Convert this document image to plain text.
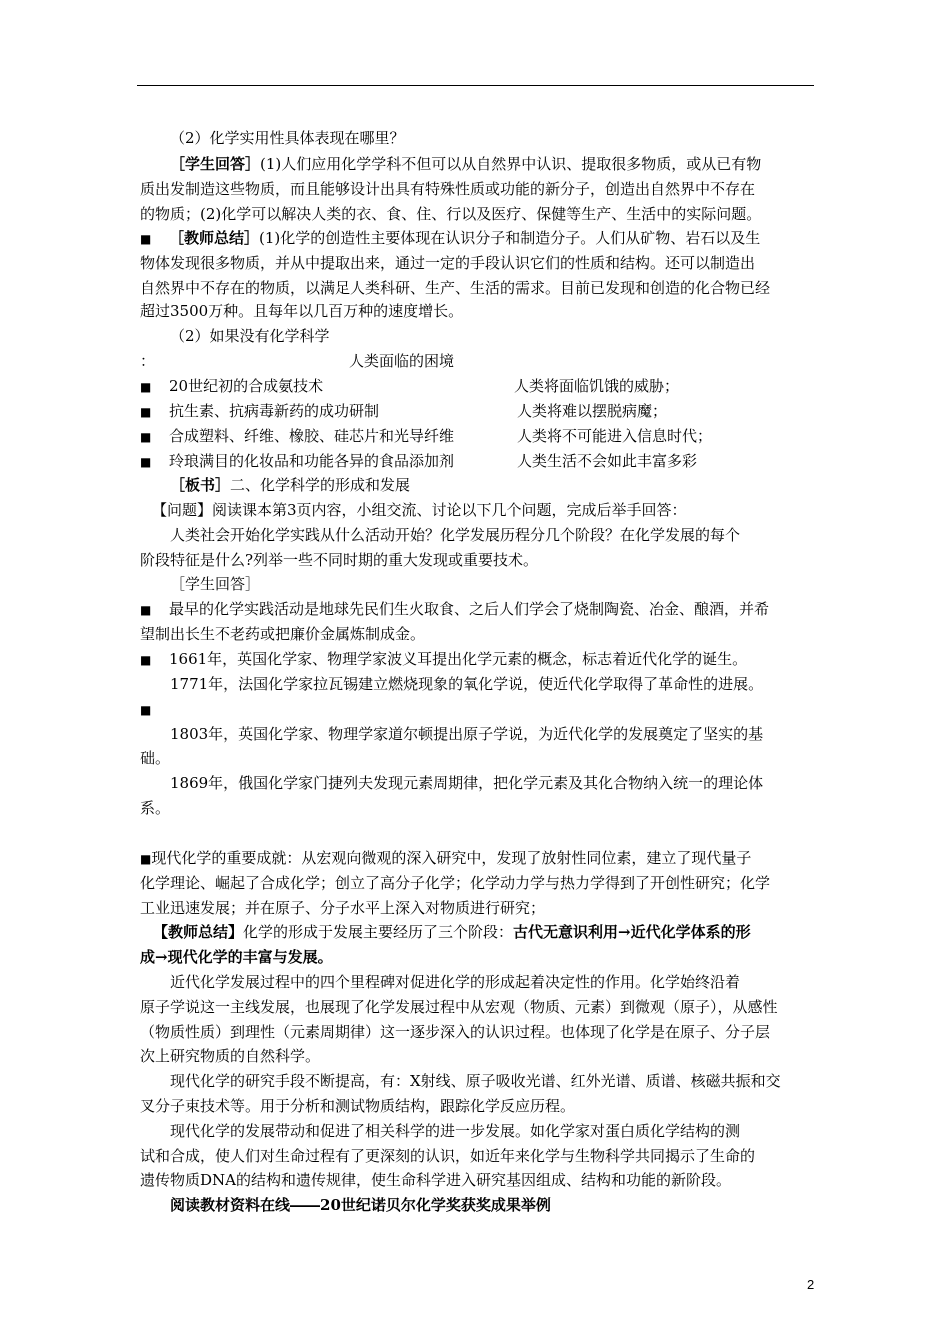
（2）化学实用性具体表现在哪里？
［学生回答］(1)人们应用化学学科不但可以从自然界中认识、提取很多物质，或从已有物
质出发制造这些物质，而且能够设计出具有特殊性质或功能的新分子，创造出自然界中不存在
的物质；(2)化学可以解决人类的衣、食、住、行以及医疗、保健等生产、生活中的实际问题。
■ ［教师总结］(1)化学的创造性主要体现在认识分子和制造分子。人们从矿物、岩石以及生
物体发现很多物质，并从中提取出来，通过一定的手段认识它们的性质和结构。还可以制造出
自然界中不存在的物质，以满足人类科研、生产、生活的需求。目前已发现和创造的化合物已经
超过3500万种。且每年以几百万种的速度增长。
（2）如果没有化学科学
：	人类面临的困境
■ 20世纪初的合成氨技术	人类将面临饥饿的威胁；
■ 抗生素、抗病毒新药的成功研制	人类将难以摆脱病魔；
■ 合成塑料、纤维、橡胶、硅芯片和光导纤维	人类将不可能进入信息时代；
■ 玲琅满目的化妆品和功能各异的食品添加剂	人类生活不会如此丰富多彩
［板书］二、化学科学的形成和发展
【问题】阅读课本第3页内容，小组交流、讨论以下几个问题，完成后举手回答：
人类社会开始化学实践从什么活动开始？化学发展历程分几个阶段？在化学发展的每个
阶段特征是什么?列举一些不同时期的重大发现或重要技术。
［学生回答］
■ 最早的化学实践活动是地球先民们生火取食、之后人们学会了烧制陶瓷、冶金、酿酒，并希
望制出长生不老药或把廉价金属炼制成金。
■ 1661年，英国化学家、物理学家波义耳提出化学元素的概念，标志着近代化学的诞生。
1771年，法国化学家拉瓦锡建立燃烧现象的氧化学说，使近代化学取得了革命性的进展。
■
1803年，英国化学家、物理学家道尔顿提出原子学说，为近代化学的发展奠定了坚实的基
础。
1869年，俄国化学家门捷列夫发现元素周期律，把化学元素及其化合物纳入统一的理论体
系。
■现代化学的重要成就：从宏观向微观的深入研究中，发现了放射性同位素，建立了现代量子
化学理论、崛起了合成化学；创立了高分子化学；化学动力学与热力学得到了开创性研究；化学
工业迅速发展；并在原子、分子水平上深入对物质进行研究；
【教师总结】化学的形成于发展主要经历了三个阶段：古代无意识利用→近代化学体系的形
成→现代化学的丰富与发展。
近代化学发展过程中的四个里程碑对促进化学的形成起着决定性的作用。化学始终沿着
原子学说这一主线发展，也展现了化学发展过程中从宏观（物质、元素）到微观（原子），从感性
（物质性质）到理性（元素周期律）这一逐步深入的认识过程。也体现了化学是在原子、分子层
次上研究物质的自然科学。
现代化学的研究手段不断提高，有：X射线、原子吸收光谱、红外光谱、质谱、核磁共振和交
叉分子束技术等。用于分析和测试物质结构，跟踪化学反应历程。
现代化学的发展带动和促进了相关科学的进一步发展。如化学家对蛋白质化学结构的测
试和合成，使人们对生命过程有了更深刻的认识，如近年来化学与生物科学共同揭示了生命的
遗传物质DNA的结构和遗传规律，使生命科学进入研究基因组成、结构和功能的新阶段。
阅读教材资料在线――20世纪诺贝尔化学奖获奖成果举例
2
